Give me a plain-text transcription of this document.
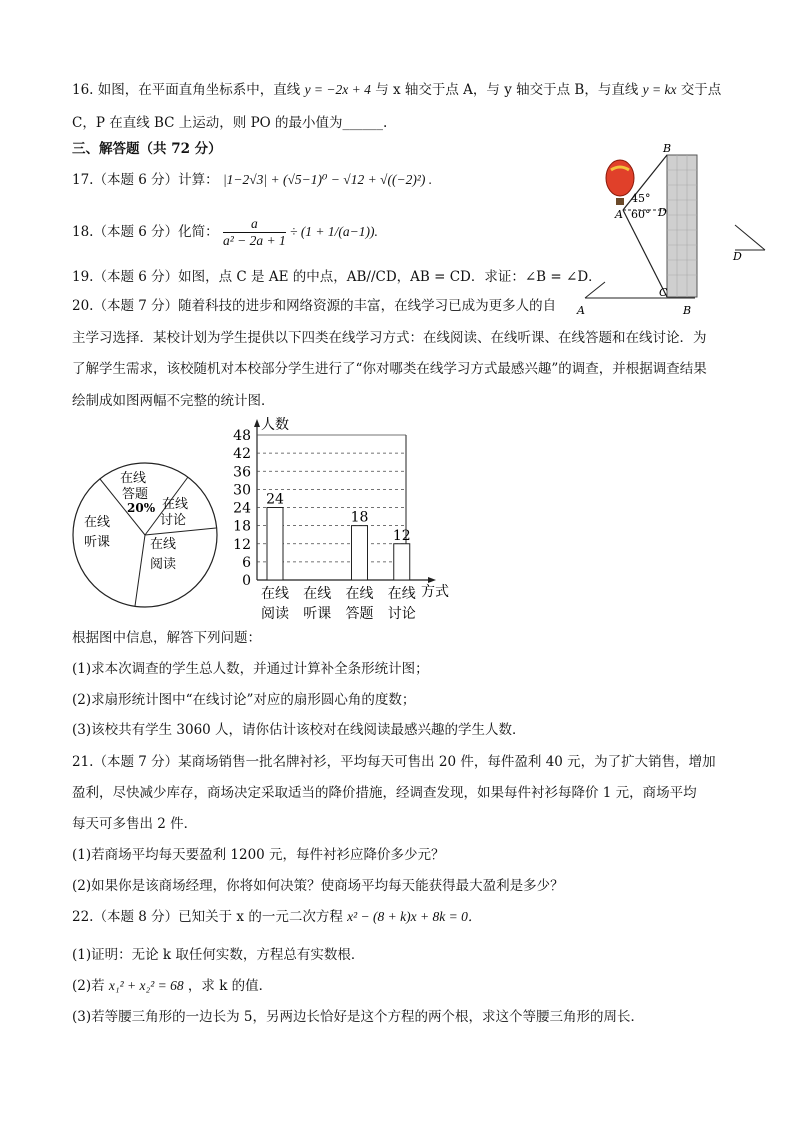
16. 如图，在平面直角坐标系中，直线 y = −2x + 4 与 x 轴交于点 A，与 y 轴交于点 B，与直线 y = kx 交于点
C，P 在直线 BC 上运动，则 PO 的最小值为______.
三、解答题（共 72 分）
17.（本题 6 分）计算： |1−2√3| + (√5−1)⁰ − √12 + √((−2)²) .
18.（本题 6 分）化简： $\frac{a}{\text{a² − 2a + 1}} \div (1 + 1/(a-1))$.
19.（本题 6 分）如图，点 C 是 AE 的中点，AB//CD，AB = CD．求证：∠B = ∠D．
20.（本题 7 分）随着科技的进步和网络资源的丰富，在线学习已成为更多人的自
主学习选择．某校计划为学生提供以下四类在线学习方式：在线阅读、在线听课、在线答题和在线讨论．为
了解学生需求，该校随机对本校部分学生进行了“你对哪类在线学习方式最感兴趣”的调查，并根据调查结果
绘制成如图两幅不完整的统计图．
B
45°
A 60° D
C
D
A	B
在线
答题
20% 在线
讨论
在线
听课	在线
阅读
人数
方式
0
6
12
18
24
30
36
42
48
24
18
12
在线
阅读
在线
听课
在线
答题
在线
讨论
根据图中信息，解答下列问题：
(1)求本次调查的学生总人数，并通过计算补全条形统计图；
(2)求扇形统计图中“在线讨论”对应的扇形圆心角的度数；
(3)该校共有学生 3060 人，请你估计该校对在线阅读最感兴趣的学生人数．
21.（本题 7 分）某商场销售一批名牌衬衫，平均每天可售出 20 件，每件盈利 40 元，为了扩大销售，增加
盈利，尽快减少库存，商场决定采取适当的降价措施，经调查发现，如果每件衬衫每降价 1 元，商场平均
每天可多售出 2 件．
(1)若商场平均每天要盈利 1200 元，每件衬衫应降价多少元？
(2)如果你是该商场经理，你将如何决策？使商场平均每天能获得最大盈利是多少？
22.（本题 8 分）已知关于 x 的一元二次方程 x² − (8 + k)x + 8k = 0．
(1)证明：无论 k 取任何实数，方程总有实数根．
(2)若 x₁² + x₂² = 68 ，求 k 的值．
(3)若等腰三角形的一边长为 5，另两边长恰好是这个方程的两个根，求这个等腰三角形的周长．
